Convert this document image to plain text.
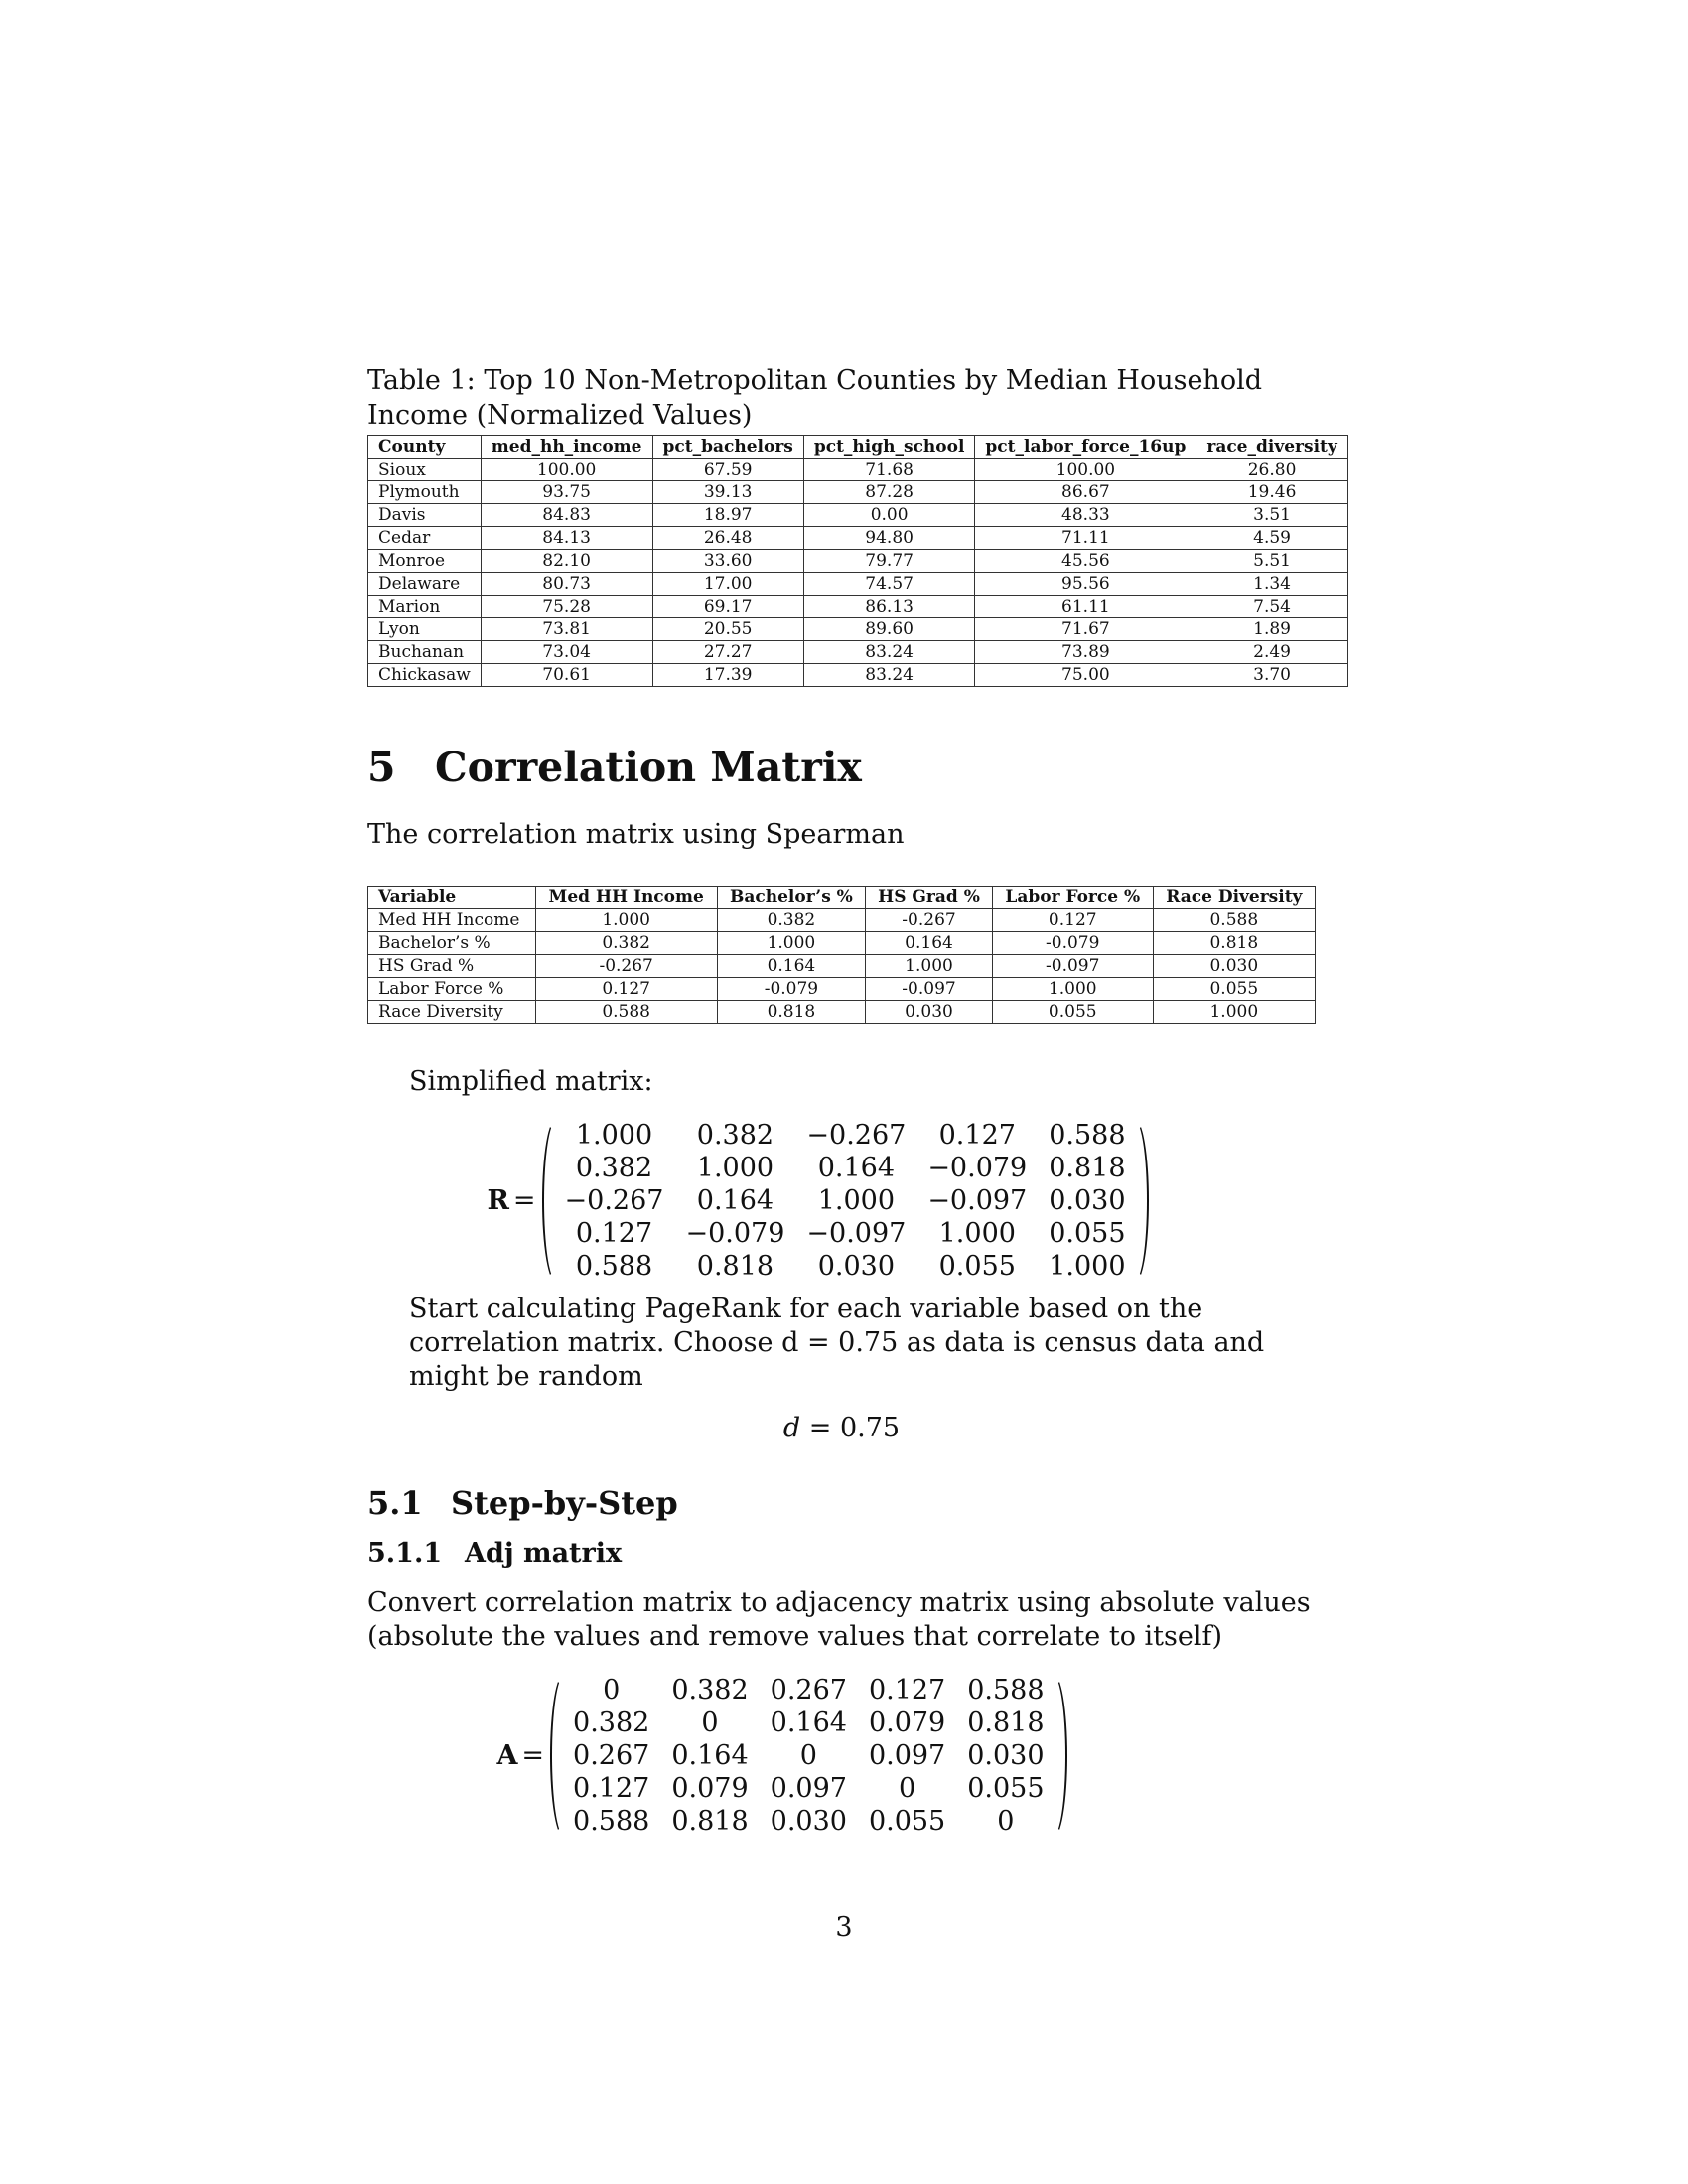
Table 1: Top 10 Non-Metropolitan Counties by Median Household Income (Normalized Values)

County	med_hh_income	pct_bachelors	pct_high_school	pct_labor_force_16up	race_diversity
Sioux	100.00	67.59	71.68	100.00	26.80
Plymouth	93.75	39.13	87.28	86.67	19.46
Davis	84.83	18.97	0.00	48.33	3.51
Cedar	84.13	26.48	94.80	71.11	4.59
Monroe	82.10	33.60	79.77	45.56	5.51
Delaware	80.73	17.00	74.57	95.56	1.34
Marion	75.28	69.17	86.13	61.11	7.54
Lyon	73.81	20.55	89.60	71.67	1.89
Buchanan	73.04	27.27	83.24	73.89	2.49
Chickasaw	70.61	17.39	83.24	75.00	3.70
5 Correlation Matrix

The correlation matrix using Spearman

Variable	Med HH Income	Bachelor’s %	HS Grad %	Labor Force %	Race Diversity
Med HH Income	1.000	0.382	-0.267	0.127	0.588
Bachelor’s %	0.382	1.000	0.164	-0.079	0.818
HS Grad %	-0.267	0.164	1.000	-0.097	0.030
Labor Force %	0.127	-0.079	-0.097	1.000	0.055
Race Diversity	0.588	0.818	0.030	0.055	1.000

Simplified matrix:

R =
1.000	0.382	−0.267	0.127	0.588
0.382	1.000	0.164	−0.079	0.818
−0.267	0.164	1.000	−0.097	0.030
0.127	−0.079	−0.097	1.000	0.055
0.588	0.818	0.030	0.055	1.000

Start calculating PageRank for each variable based on the correlation matrix. Choose d = 0.75 as data is census data and might be random

d = 0.75
5.1 Step-by-Step
5.1.1 Adj matrix

Convert correlation matrix to adjacency matrix using absolute values (absolute the values and remove values that correlate to itself)

A =
0	0.382	0.267	0.127	0.588
0.382	0	0.164	0.079	0.818
0.267	0.164	0	0.097	0.030
0.127	0.079	0.097	0	0.055
0.588	0.818	0.030	0.055	0
3
